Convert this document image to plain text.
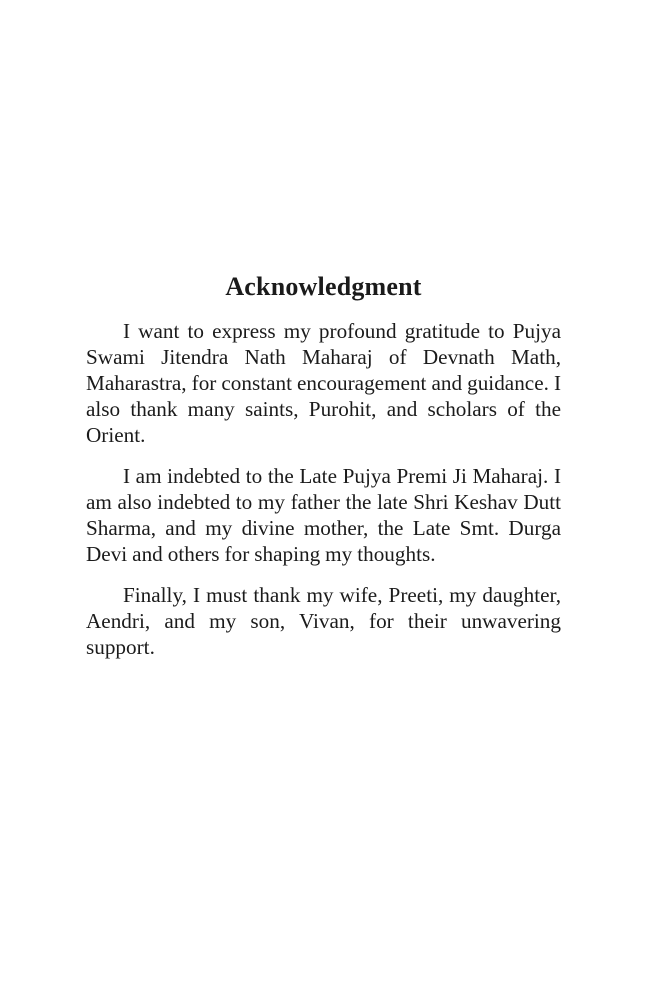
Acknowledgment

I want to express my profound gratitude to Pujya Swami Jitendra Nath Maharaj of Devnath Math, Maharastra, for constant encouragement and guidance. I also thank many saints, Purohit, and scholars of the Orient.

I am indebted to the Late Pujya Premi Ji Maharaj. I am also indebted to my father the late Shri Keshav Dutt Sharma, and my divine mother, the Late Smt. Durga Devi and others for shaping my thoughts.

Finally, I must thank my wife, Preeti, my daughter, Aendri, and my son, Vivan, for their unwavering support.
